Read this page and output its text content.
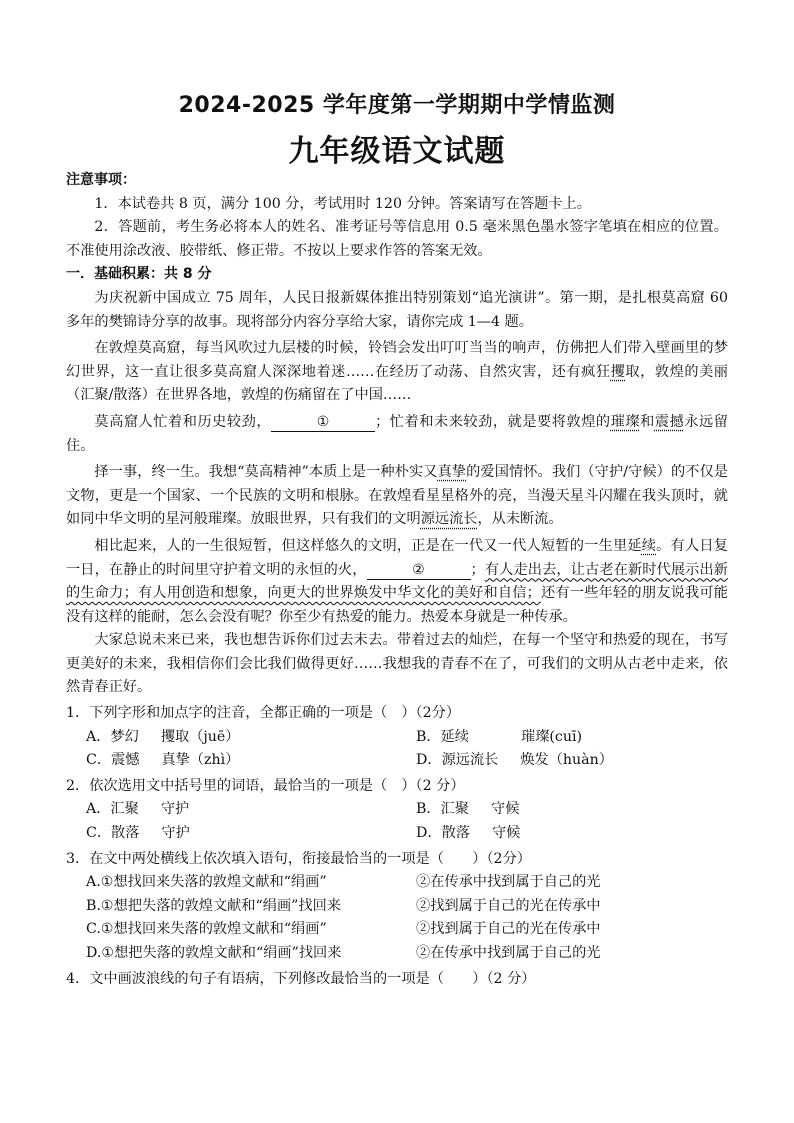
2024-2025 学年度第一学期期中学情监测
九年级语文试题
注意事项：

1．本试卷共 8 页，满分 100 分，考试用时 120 分钟。答案请写在答题卡上。

2．答题前，考生务必将本人的姓名、准考证号等信息用 0.5 毫米黑色墨水签字笔填在相应的位置。不准使用涂改液、胶带纸、修正带。不按以上要求作答的答案无效。

一．基础积累：共 8 分

为庆祝新中国成立 75 周年，人民日报新媒体推出特别策划“追光演讲”。第一期，是扎根莫高窟 60 多年的樊锦诗分享的故事。现将部分内容分享给大家，请你完成 1—4 题。

在敦煌莫高窟，每当风吹过九层楼的时候，铃铛会发出叮叮当当的响声，仿佛把人们带入壁画里的梦幻世界，这一直让很多莫高窟人深深地着迷……在经历了动荡、自然灾害，还有疯狂攫取，敦煌的美丽（汇聚/散落）在世界各地，敦煌的伤痛留在了中国……

莫高窟人忙着和历史较劲，	①	；忙着和未来较劲，就是要将敦煌的璀璨和震撼永远留住。

择一事，终一生。我想“莫高精神”本质上是一种朴实又真挚的爱国情怀。我们（守护/守候）的不仅是文物，更是一个国家、一个民族的文明和根脉。在敦煌看星星格外的亮，当漫天星斗闪耀在我头顶时，就如同中华文明的星河般璀璨。放眼世界，只有我们的文明源远流长，从未断流。

相比起来，人的一生很短暂，但这样悠久的文明，正是在一代又一代人短暂的一生里延续。有人日复一日，在静止的时间里守护着文明的永恒的火，	②	；有人走出去，让古老在新时代展示出新的生命力；有人用创造和想象，向更大的世界焕发中华文化的美好和自信；还有一些年轻的朋友说我可能没有这样的能耐，怎么会没有呢？你至少有热爱的能力。热爱本身就是一种传承。

大家总说未来已来，我也想告诉你们过去未去。带着过去的灿烂，在每一个坚守和热爱的现在，书写更美好的未来，我相信你们会比我们做得更好……我想我的青春不在了，可我们的文明从古老中走来，依然青春正好。

1．下列字形和加点字的注音，全都正确的一项是（　）（2分）
A．梦幻 攫取（juē）	B．延续	璀璨(cuī)
C．震憾 真挚（zhì）	D．源远流长 焕发（huàn）
2．依次选用文中括号里的词语，最恰当的一项是（　）（2 分）
A．汇聚 守护	B．汇聚 守候
C．散落 守护	D．散落 守候
3．在文中两处横线上依次填入语句，衔接最恰当的一项是（　　）（2分）
A.①想找回来失落的敦煌文献和“绢画”	②在传承中找到属于自己的光
B.①想把失落的敦煌文献和“绢画”找回来	②找到属于自己的光在传承中
C.①想找回来失落的敦煌文献和“绢画”	②找到属于自己的光在传承中
D.①想把失落的敦煌文献和“绢画”找回来	②在传承中找到属于自己的光
4．文中画波浪线的句子有语病，下列修改最恰当的一项是（　　）（2 分）
